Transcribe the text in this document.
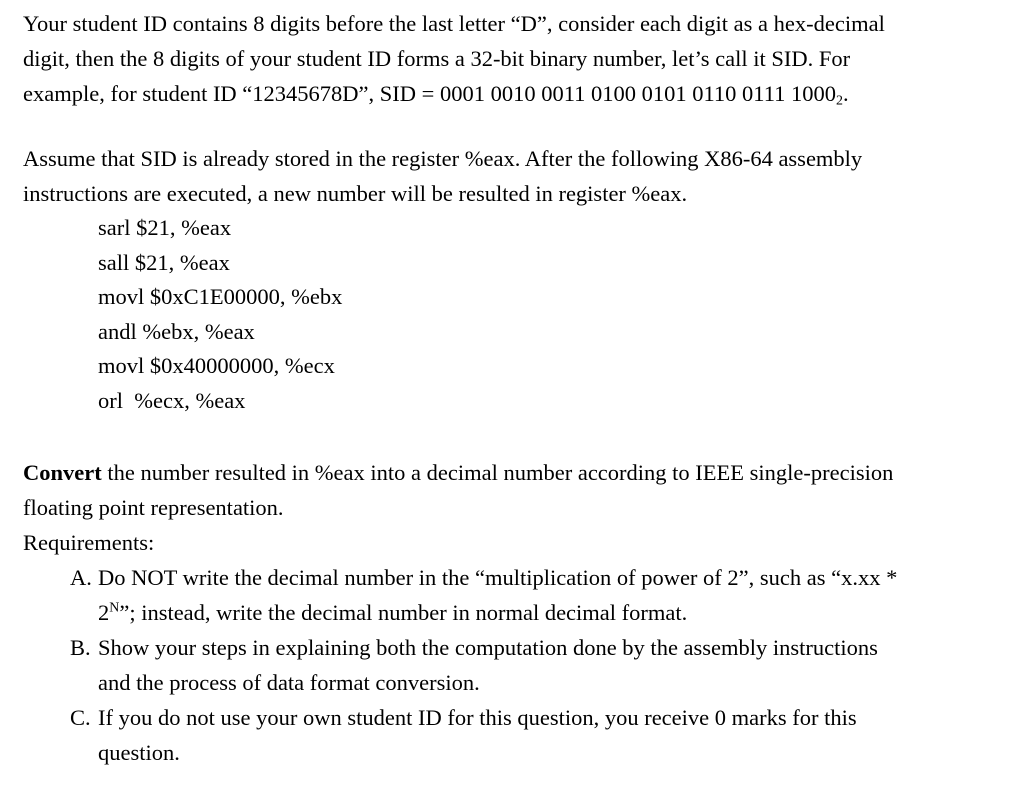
Your student ID contains 8 digits before the last letter “D”, consider each digit as a hex-decimal
digit, then the 8 digits of your student ID forms a 32-bit binary number, let’s call it SID. For
example, for student ID “12345678D”, SID = 0001 0010 0011 0100 0101 0110 0111 $1000_2$.

Assume that SID is already stored in the register %eax. After the following X86-64 assembly
instructions are executed, a new number will be resulted in register %eax.

sarl $21, %eax
sall $21, %eax
movl $0xC1E00000, %ebx
andl %ebx, %eax
movl $0x40000000, %ecx
orl  %ecx, %eax

Convert the number resulted in %eax into a decimal number according to IEEE single-precision
floating point representation.
Requirements:

A. Do NOT write the decimal number in the “multiplication of power of 2”, such as “x.xx *
$2^N$”; instead, write the decimal number in normal decimal format.
B. Show your steps in explaining both the computation done by the assembly instructions
and the process of data format conversion.
C. If you do not use your own student ID for this question, you receive 0 marks for this
question.
